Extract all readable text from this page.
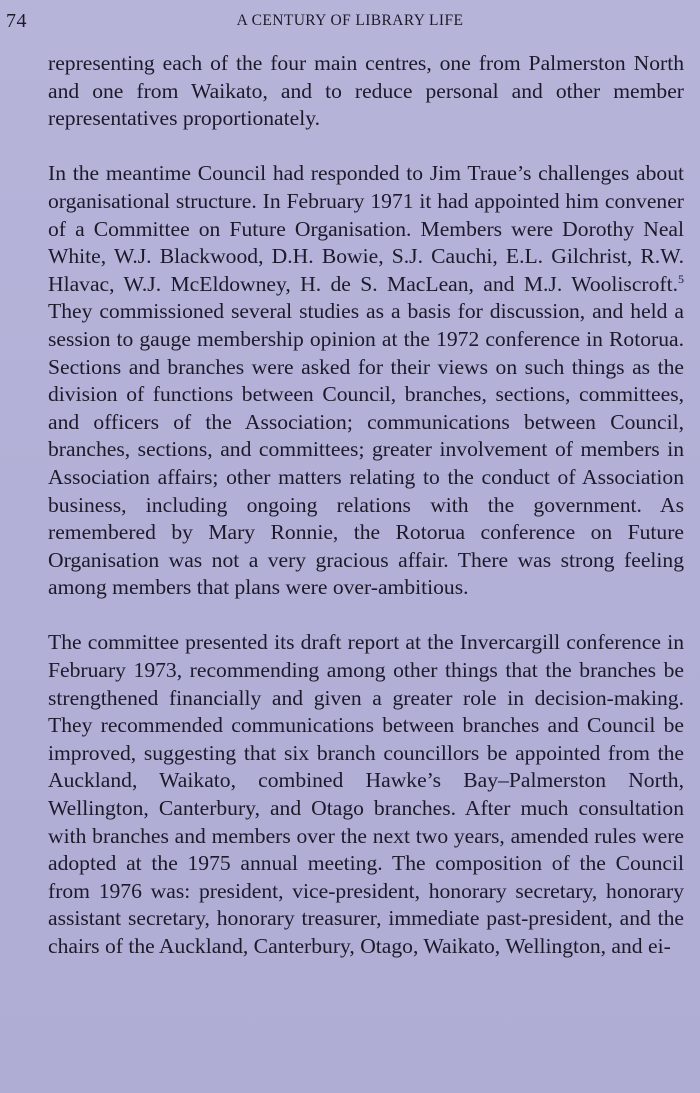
74	A CENTURY OF LIBRARY LIFE

representing each of the four main centres, one from Palmerston North and one from Waikato, and to reduce personal and other member representatives proportionately.

In the meantime Council had responded to Jim Traue’s challenges about organisational structure. In February 1971 it had appointed him convener of a Committee on Future Organisation. Members were Dorothy Neal White, W.J. Blackwood, D.H. Bowie, S.J. Cauchi, E.L. Gilchrist, R.W. Hlavac, W.J. McEldowney, H. de S. MacLean, and M.J. Wooliscroft.$^5$ They commissioned several studies as a basis for discussion, and held a session to gauge membership opinion at the 1972 conference in Rotorua. Sections and branches were asked for their views on such things as the division of functions between Council, branches, sections, committees, and officers of the Association; communications between Council, branches, sections, and committees; greater involvement of members in Association affairs; other matters relating to the conduct of Association business, including ongoing relations with the government. As remembered by Mary Ronnie, the Rotorua conference on Future Organisation was not a very gracious affair. There was strong feeling among members that plans were over-ambitious.

The committee presented its draft report at the Invercargill conference in February 1973, recommending among other things that the branches be strengthened financially and given a greater role in decision-making. They recommended communications between branches and Council be improved, suggesting that six branch councillors be appointed from the Auckland, Waikato, combined Hawke’s Bay–Palmerston North, Wellington, Canterbury, and Otago branches. After much consultation with branches and members over the next two years, amended rules were adopted at the 1975 annual meeting. The composition of the Council from 1976 was: president, vice-president, honorary secretary, honorary assistant secretary, honorary treasurer, immediate past-president, and the chairs of the Auckland, Canterbury, Otago, Waikato, Wellington, and ei-
